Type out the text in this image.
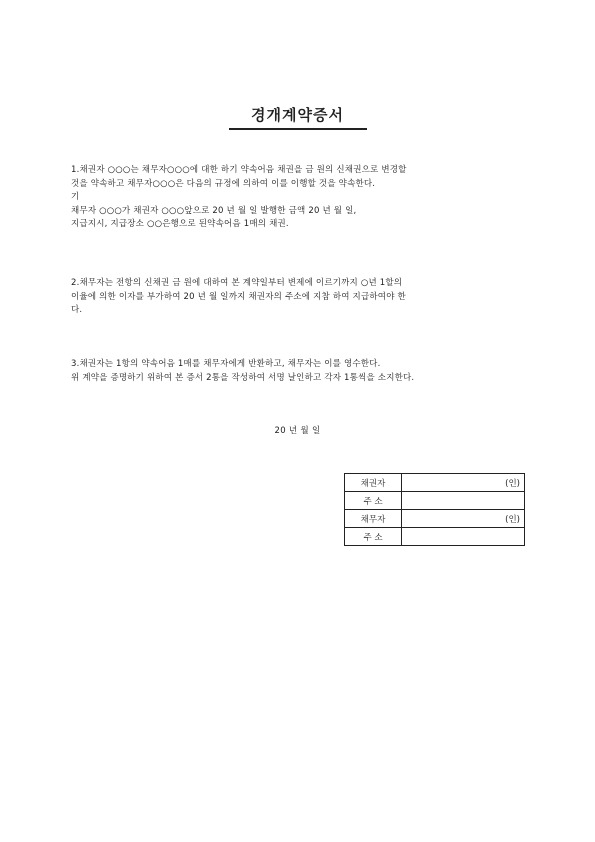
경개계약증서
1.채권자 ○○○는 채무자○○○에 대한 하기 약속어음 채권을 금 원의 신채권으로 변경할
것을 약속하고 채무자○○○은 다음의 규정에 의하여 이를 이행할 것을 약속한다.
기
채무자 ○○○가 채권자 ○○○앞으로 20 년 월 일 발행한 금액 20 년 월 일,
지급지시, 지급장소 ○○은행으로 된약속어음 1매의 채권.
2.채무자는 전항의 신채권 금 원에 대하여 본 계약일부터 변제에 이르기까지 ○년 1할의
이율에 의한 이자를 부가하여 20 년 월 일까지 채권자의 주소에 지참 하여 지급하여야 한
다.
3.채권자는 1항의 약속어음 1매를 채무자에게 반환하고, 채무자는 이를 영수한다.
위 계약을 증명하기 위하여 본 증서 2통을 작성하여 서명 날인하고 각자 1통씩을 소지한다.
20 년 월 일
채권자	(인)
주 소	
채무자	(인)
주 소	
